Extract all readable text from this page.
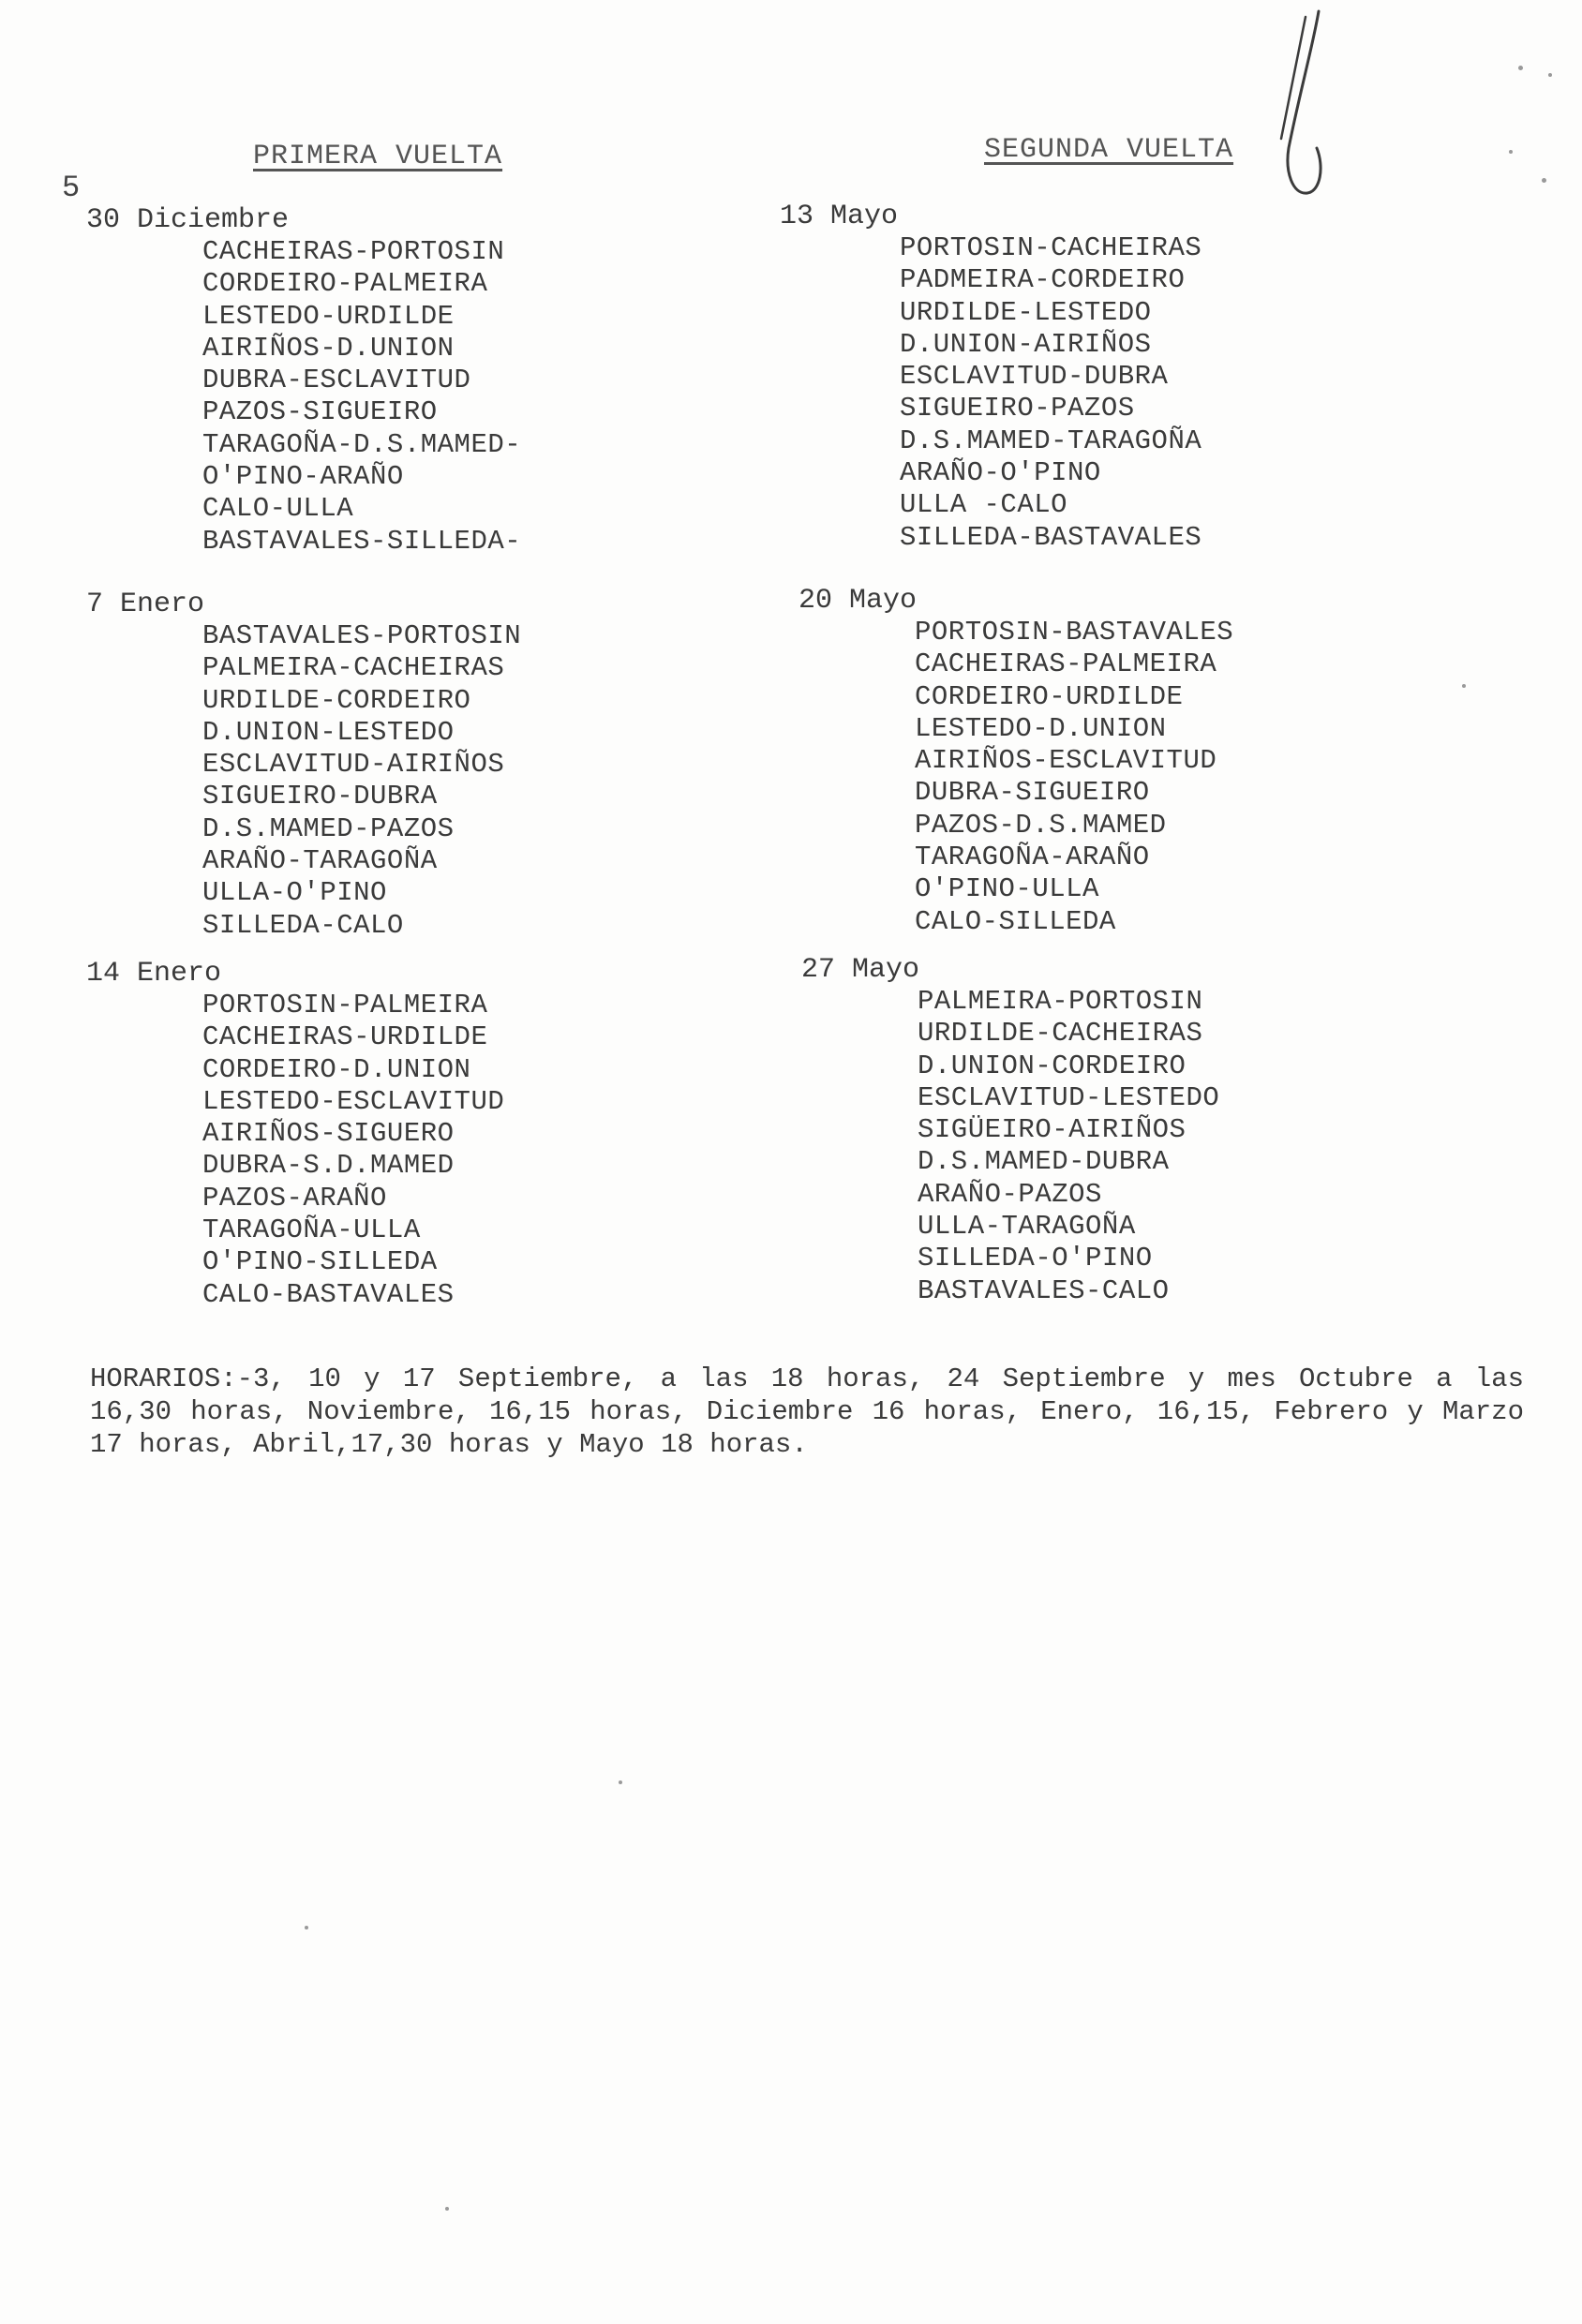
PRIMERA VUELTA	SEGUNDA VUELTA
5
30 Diciembre
CACHEIRAS-PORTOSIN
CORDEIRO-PALMEIRA
LESTEDO-URDILDE
AIRIÑOS-D.UNION
DUBRA-ESCLAVITUD
PAZOS-SIGUEIRO
TARAGOÑA-D.S.MAMED-
O'PINO-ARAÑO
CALO-ULLA
BASTAVALES-SILLEDA-
7 Enero
BASTAVALES-PORTOSIN
PALMEIRA-CACHEIRAS
URDILDE-CORDEIRO
D.UNION-LESTEDO
ESCLAVITUD-AIRIÑOS
SIGUEIRO-DUBRA
D.S.MAMED-PAZOS
ARAÑO-TARAGOÑA
ULLA-O'PINO
SILLEDA-CALO
14 Enero
PORTOSIN-PALMEIRA
CACHEIRAS-URDILDE
CORDEIRO-D.UNION
LESTEDO-ESCLAVITUD
AIRIÑOS-SIGUERO
DUBRA-S.D.MAMED
PAZOS-ARAÑO
TARAGOÑA-ULLA
O'PINO-SILLEDA
CALO-BASTAVALES
13 Mayo
PORTOSIN-CACHEIRAS
PADMEIRA-CORDEIRO
URDILDE-LESTEDO
D.UNION-AIRIÑOS
ESCLAVITUD-DUBRA
SIGUEIRO-PAZOS
D.S.MAMED-TARAGOÑA
ARAÑO-O'PINO
ULLA -CALO
SILLEDA-BASTAVALES
20 Mayo
PORTOSIN-BASTAVALES
CACHEIRAS-PALMEIRA
CORDEIRO-URDILDE
LESTEDO-D.UNION
AIRIÑOS-ESCLAVITUD
DUBRA-SIGUEIRO
PAZOS-D.S.MAMED
TARAGOÑA-ARAÑO
O'PINO-ULLA
CALO-SILLEDA
27 Mayo
PALMEIRA-PORTOSIN
URDILDE-CACHEIRAS
D.UNION-CORDEIRO
ESCLAVITUD-LESTEDO
SIGÜEIRO-AIRIÑOS
D.S.MAMED-DUBRA
ARAÑO-PAZOS
ULLA-TARAGOÑA
SILLEDA-O'PINO
BASTAVALES-CALO

HORARIOS:-3, 10 y 17 Septiembre, a las 18 horas, 24 Septiembre y mes Octubre a las 16,30 horas, Noviembre, 16,15 horas, Diciembre 16 horas, Enero, 16,15, Febrero y Marzo 17 horas, Abril,17,30 horas y Mayo 18 horas.
